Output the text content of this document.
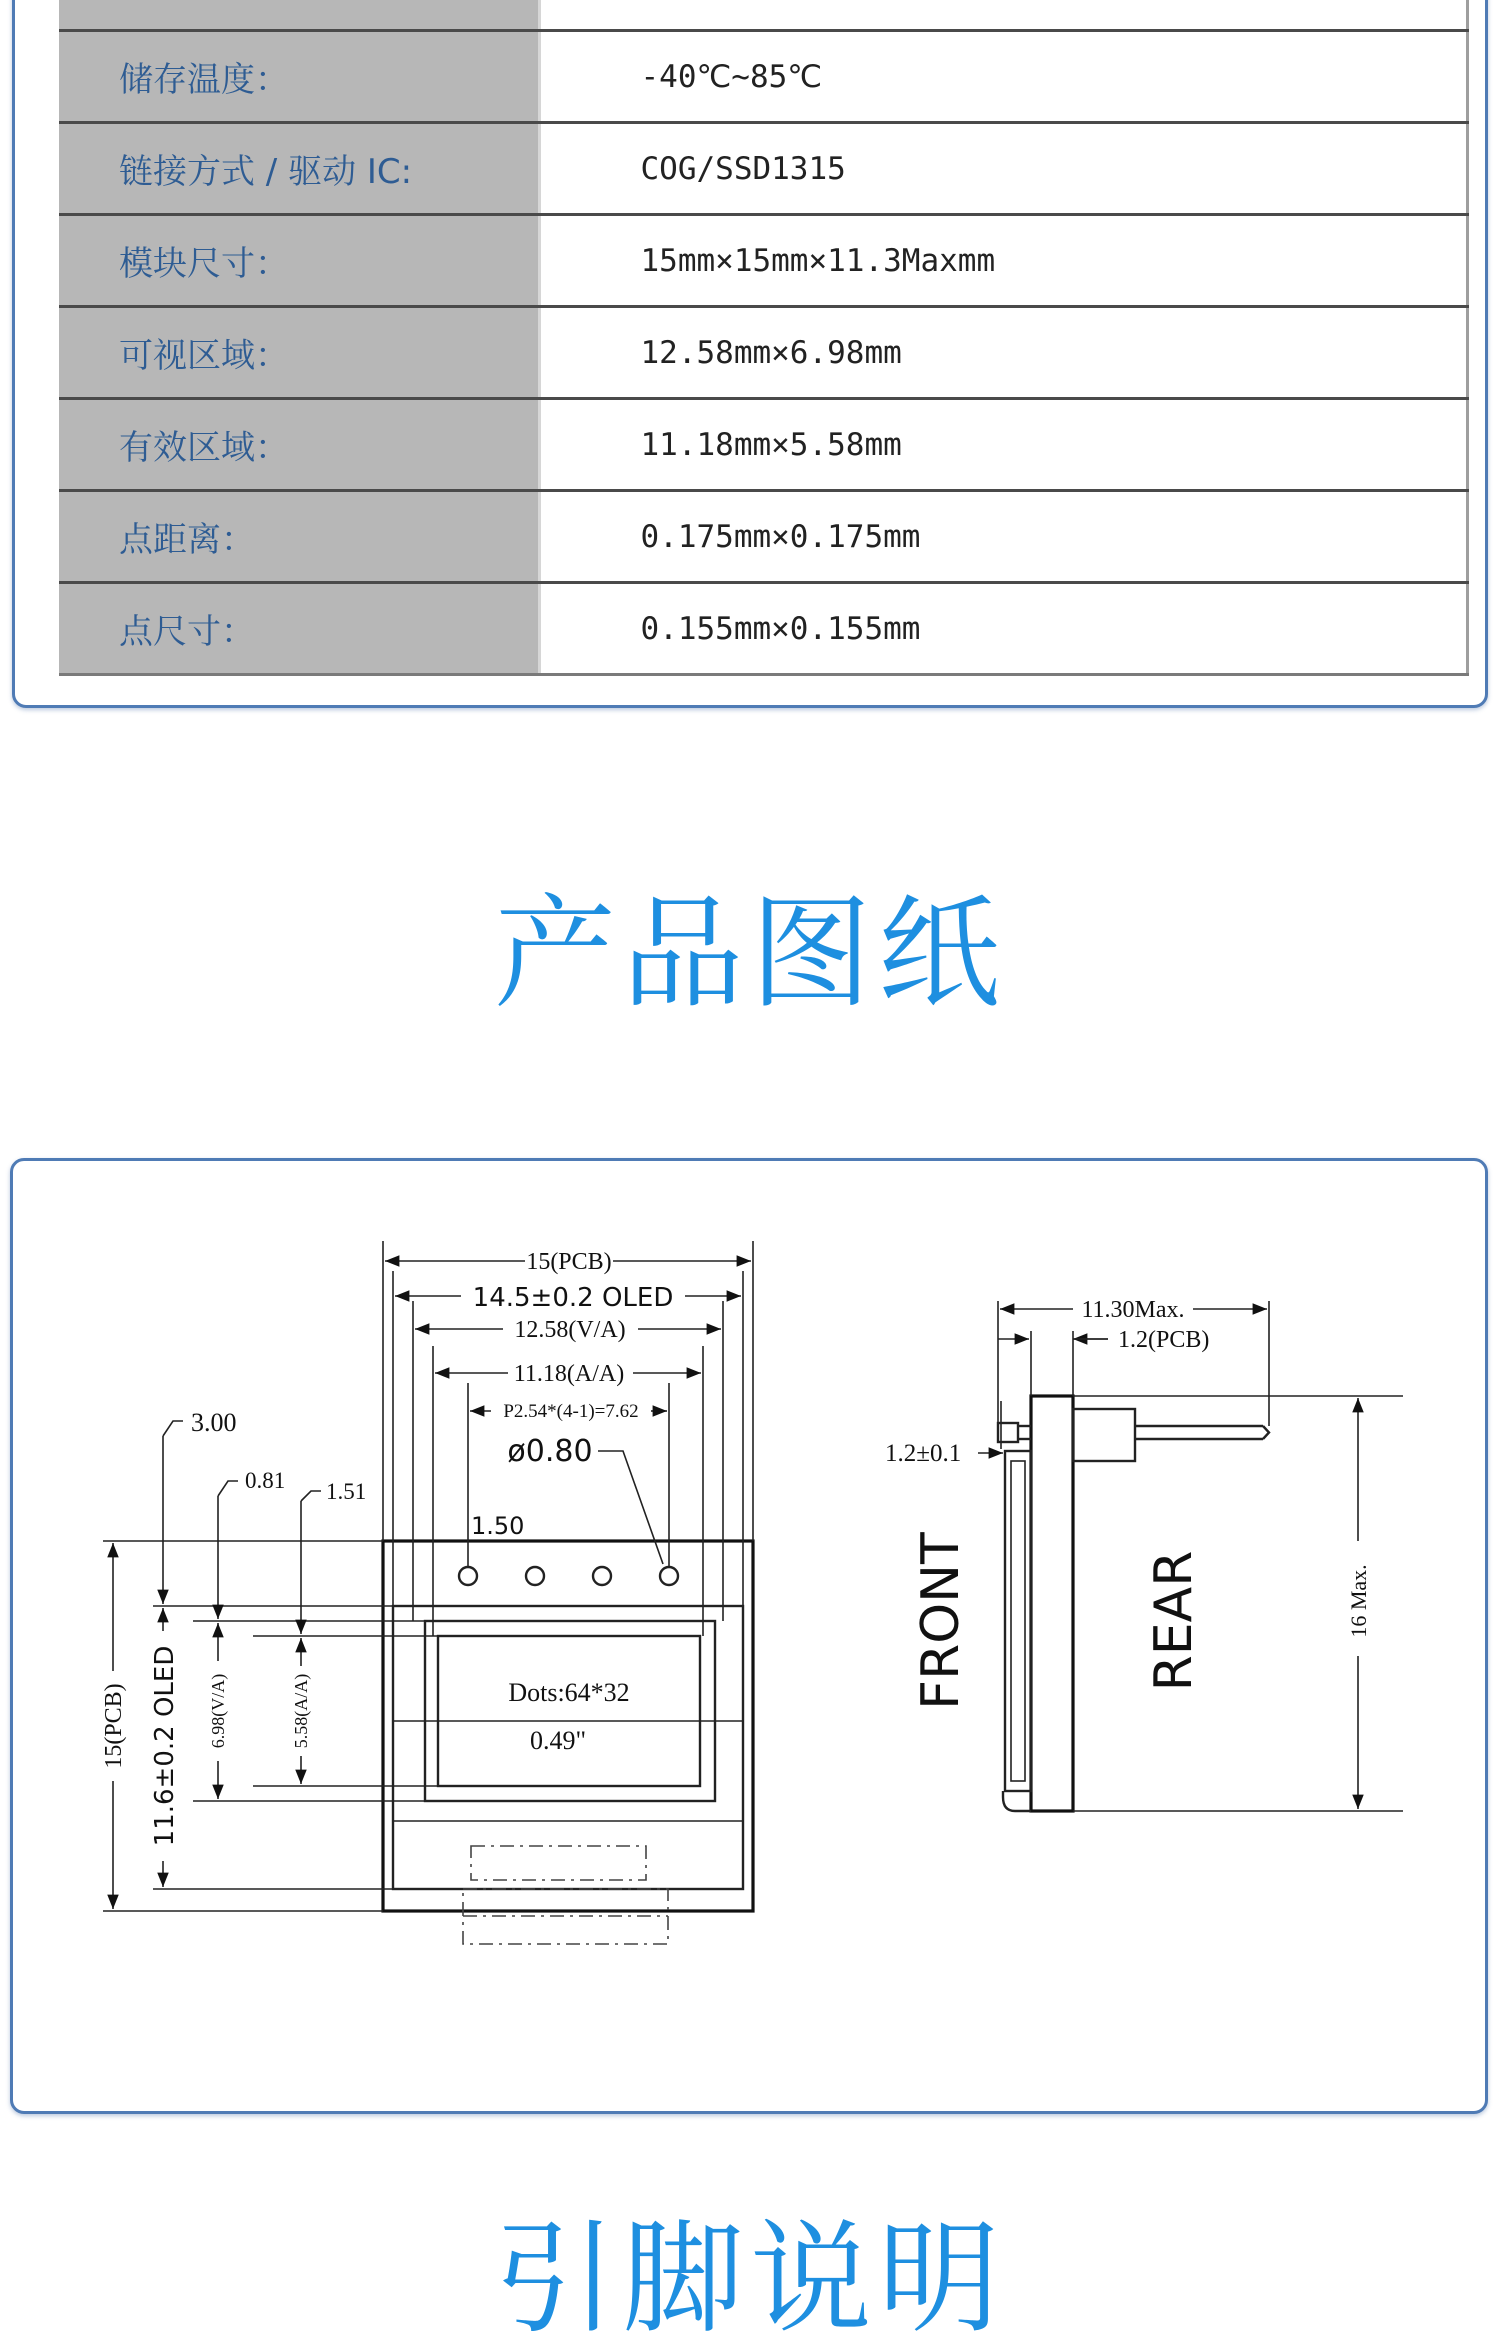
储存温度：	-40℃~85℃
链接方式 / 驱动 IC:	COG/SSD1315
模块尺寸：	15mm×15mm×11.3Maxmm
可视区域：	12.58mm×6.98mm
有效区域：	11.18mm×5.58mm
点距离：	0.175mm×0.175mm
点尺寸：	0.155mm×0.155mm
产品图纸
Dots:64*32
0.49"
15(PCB)
14.5±0.2 OLED
12.58(V/A)
11.18(A/A)
P2.54*(4-1)=7.62
ø0.80
1.50
3.00
0.81 1.51
15(PCB) 11.6±0.2 OLED 6.98(V/A)	5.58(A/A)
11.30Max.
1.2(PCB)
1.2±0.1
16 Max.
FRONT	REAR
引脚说明
